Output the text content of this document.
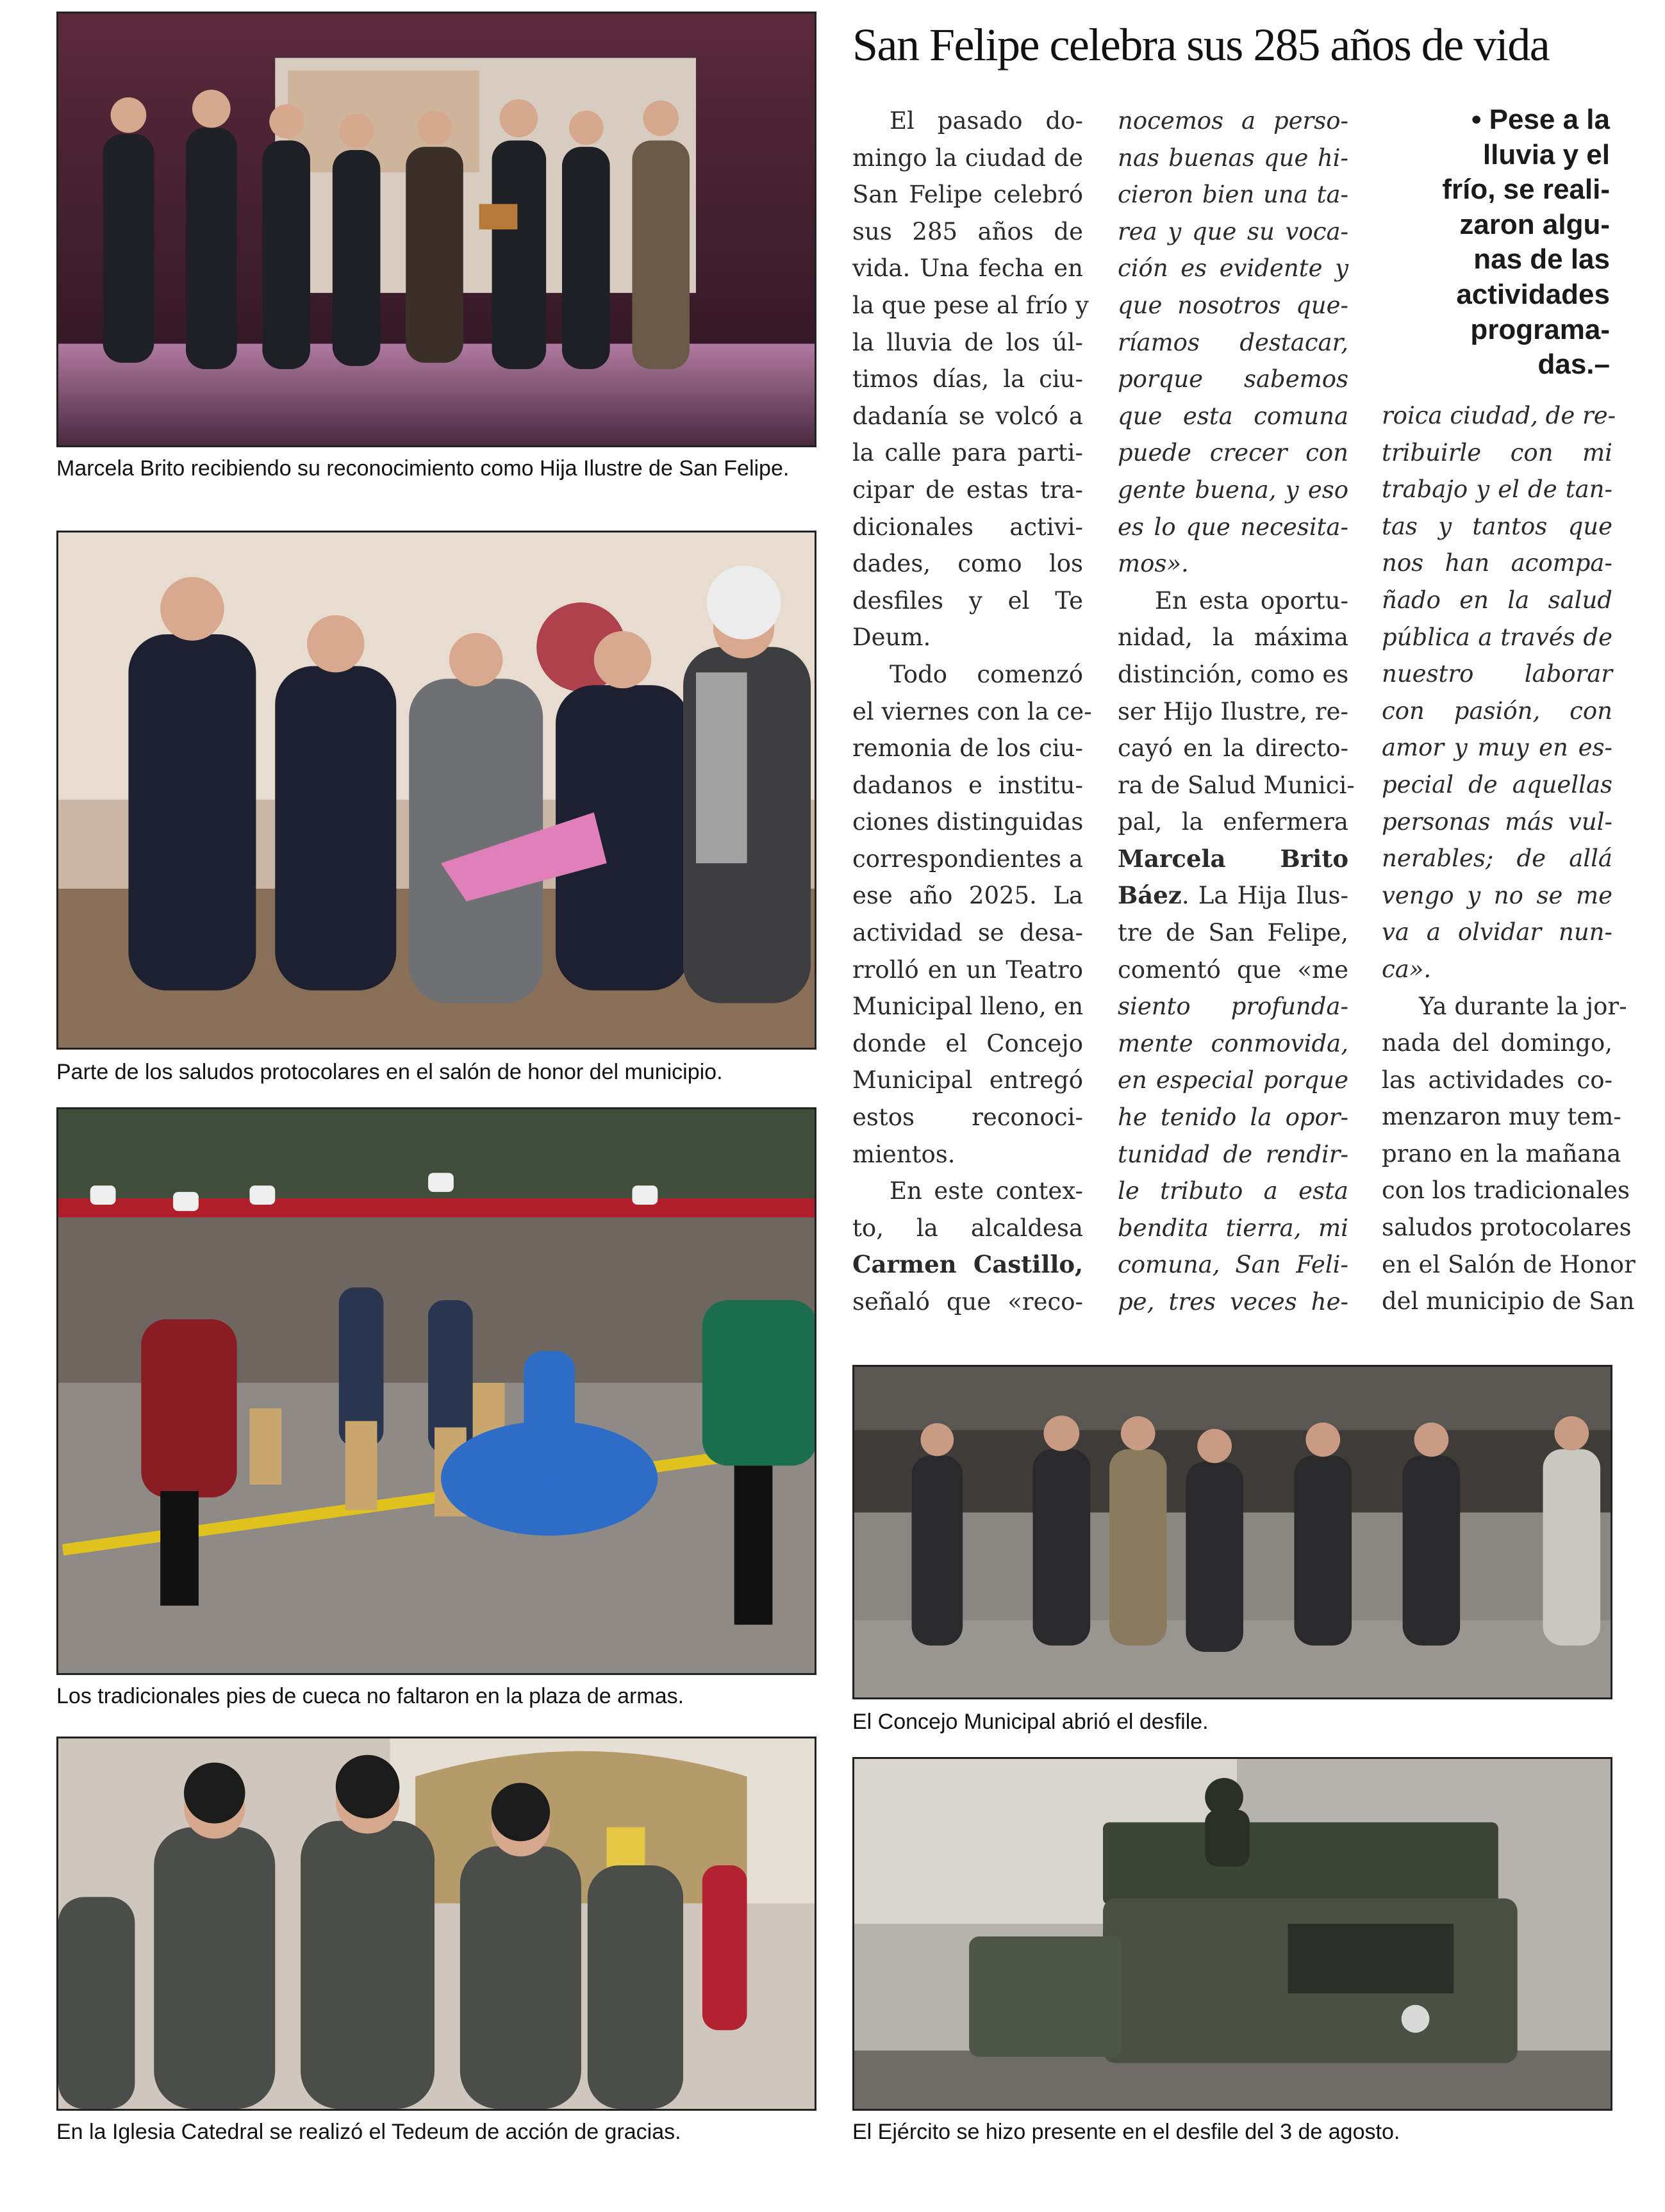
Marcela Brito recibiendo su reconocimiento como Hija Ilustre de San Felipe.
Parte de los saludos protocolares en el salón de honor del municipio.
Los tradicionales pies de cueca no faltaron en la plaza de armas.
En la Iglesia Catedral se realizó el Tedeum de acción de gracias.
El Concejo Municipal abrió el desfile.
El Ejército se hizo presente en el desfile del 3 de agosto.
San Felipe celebra sus 285 años de vida
El pasado do-
mingo la ciudad de
San Felipe celebró
sus 285 años de
vida. Una fecha en
la que pese al frío y
la lluvia de los úl-
timos días, la ciu-
dadanía se volcó a
la calle para parti-
cipar de estas tra-
dicionales activi-
dades, como los
desfiles y el Te
Deum.
Todo comenzó
el viernes con la ce-
remonia de los ciu-
dadanos e institu-
ciones distinguidas
correspondientes a
ese año 2025. La
actividad se desa-
rrolló en un Teatro
Municipal lleno, en
donde el Concejo
Municipal entregó
estos reconoci-
mientos.
En este contex-
to, la alcaldesa
Carmen Castillo,
señaló que «reco-
nocemos a perso-
nas buenas que hi-
cieron bien una ta-
rea y que su voca-
ción es evidente y
que nosotros que-
ríamos destacar,
porque sabemos
que esta comuna
puede crecer con
gente buena, y eso
es lo que necesita-
mos».
En esta oportu-
nidad, la máxima
distinción, como es
ser Hijo Ilustre, re-
cayó en la directo-
ra de Salud Munici-
pal, la enfermera
Marcela Brito
Báez. La Hija Ilus-
tre de San Felipe,
comentó que «me
siento profunda-
mente conmovida,
en especial porque
he tenido la opor-
tunidad de rendir-
le tributo a esta
bendita tierra, mi
comuna, San Feli-
pe, tres veces he-
• Pese a la
lluvia y el
frío, se reali-
zaron algu-
nas de las
actividades
programa-
das.–
roica ciudad, de re-
tribuirle con mi
trabajo y el de tan-
tas y tantos que
nos han acompa-
ñado en la salud
pública a través de
nuestro laborar
con pasión, con
amor y muy en es-
pecial de aquellas
personas más vul-
nerables; de allá
vengo y no se me
va a olvidar nun-
ca».
Ya durante la jor-
nada del domingo,
las actividades co-
menzaron muy tem-
prano en la mañana
con los tradicionales
saludos protocolares
en el Salón de Honor
del municipio de San
